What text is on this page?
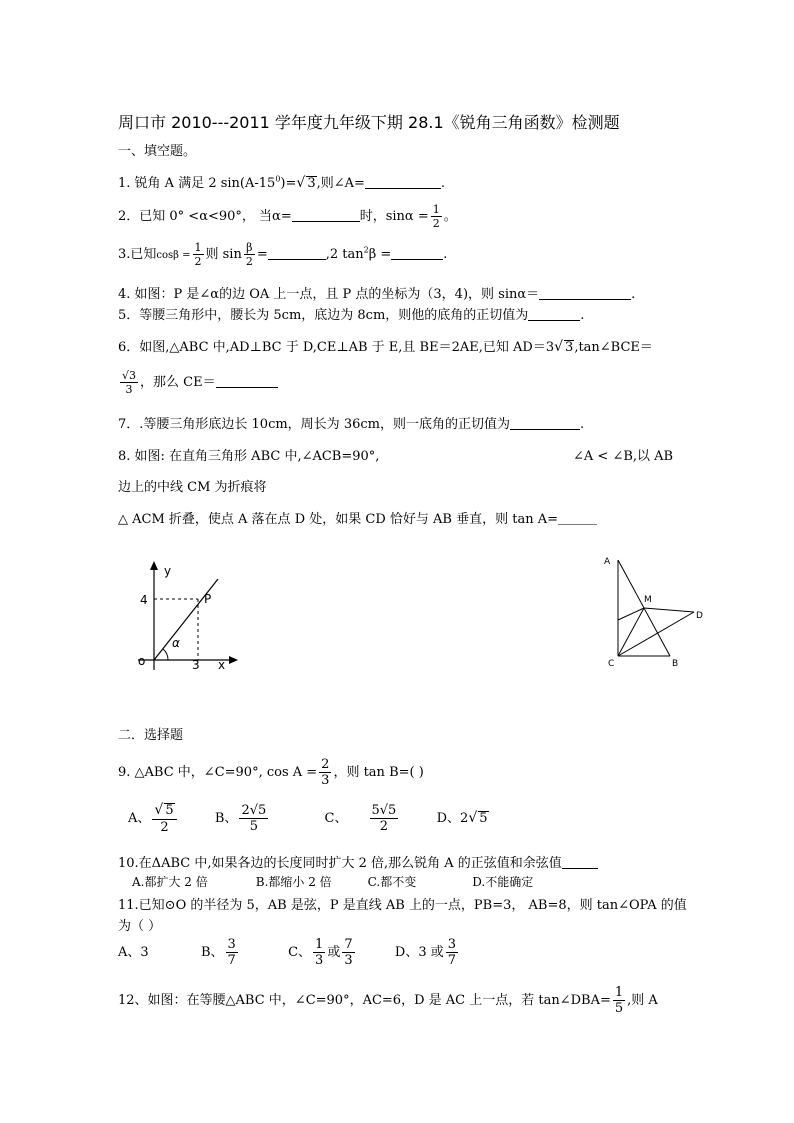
周口市 2010---2011 学年度九年级下期 28.1《锐角三角函数》检测题
一、填空题。
1. 锐角 A 满足 2 $\sin(A-15^0)=√$ 3,则∠A=	.
2．已知 0° <α<90°， 当α=	时，$\sin\alpha = \frac{1}{2}$ 。
3.已知$\cos\beta = \frac{1}{2}$ 则 $\sin \frac{\beta}{2}$ =	,2 $\tan^2\beta$ =	.
4. 如图：P 是∠α的边 OA 上一点，且 P 点的坐标为（3，4)，则 sinα＝	.
5．等腰三角形中，腰长为 5cm，底边为 8cm，则他的底角的正切值为	.
6．如图,△ABC 中,AD⊥BC 于 D,CE⊥AB 于 E,且 BE＝2AE,已知 AD＝3√ 3,tan∠BCE＝
$\frac{√3}{3}$ ，那么 CE＝
7．.等腰三角形底边长 10cm，周长为 36cm，则一底角的正切值为	.
8. 如图: 在直角三角形 ABC 中,∠ACB=90°,	∠A < ∠B,以 AB
边上的中线 CM 为折痕将
△ ACM 折叠，使点 A 落在点 D 处，如果 CD 恰好与 AB 垂直，则 tan A=＿＿＿
y
x
o
4
3
P
α
A
M
D
C	B
二．选择题
9. △ABC 中，∠C=90°, $\cos A = \frac{2}{3}$ ，则 tan B=( )
A、 $\frac{√ 5}{2}$	B、 $\frac{2√5}{5}$	C、 $\frac{5√5}{2}$	D、2√ 5
10.在ΔABC 中,如果各边的长度同时扩大 2 倍,那么锐角 A 的正弦值和余弦值
A.都扩大 2 倍	B.都缩小 2 倍	C.都不变	D.不能确定
11.已知⊙O 的半径为 5，AB 是弦，P 是直线 AB 上的一点，PB=3， AB=8，则 tan∠OPA 的值
为（ ）
A、3	B、 $\frac{3}{7}$	C、 $\frac{1}{3}$ 或 $\frac{7}{3}$	D、3 或 $\frac{3}{7}$
12、如图：在等腰△ABC 中，∠C=90°，AC=6，D 是 AC 上一点，若 tan∠DBA= $\frac{1}{5}$ ,则 A
